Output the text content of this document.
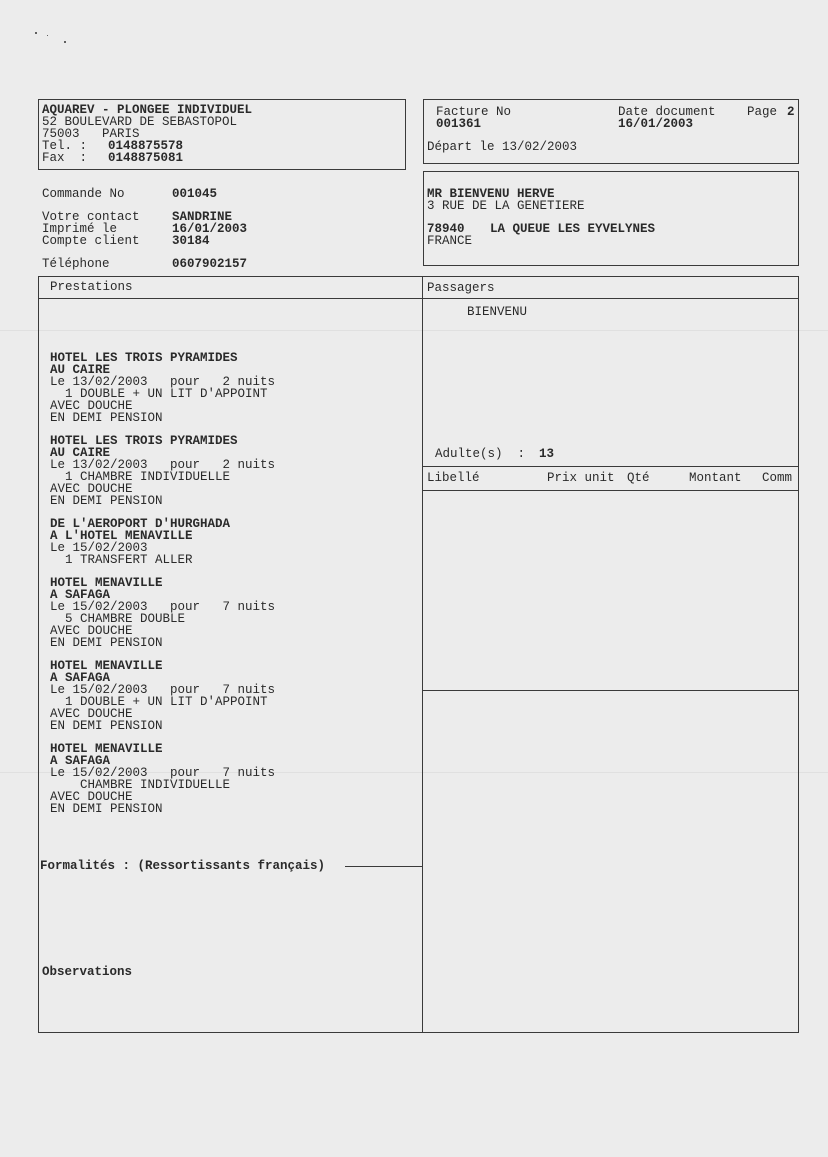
AQUAREV - PLONGEE INDIVIDUEL
52 BOULEVARD DE SEBASTOPOL
75003   PARIS
Tel. : 0148875578
Fax  : 0148875081
Facture No
001361
Date document
16/01/2003
Page 2
Départ le 13/02/2003
Commande No	001045
Votre contact	SANDRINE
Imprimé le	16/01/2003
Compte client	30184
Téléphone	0607902157
MR BIENVENU HERVE
3 RUE DE LA GENETIERE
78940 LA QUEUE LES EYVELYNES
FRANCE
Prestations	Passagers
BIENVENU
Adulte(s)  : 13
Libellé	Prix unit Qté	Montant Comm
HOTEL LES TROIS PYRAMIDES
AU CAIRE
Le 13/02/2003   pour   2 nuits
1 DOUBLE + UN LIT D'APPOINT
AVEC DOUCHE
EN DEMI PENSION
HOTEL LES TROIS PYRAMIDES
AU CAIRE
Le 13/02/2003   pour   2 nuits
1 CHAMBRE INDIVIDUELLE
AVEC DOUCHE
EN DEMI PENSION
DE L'AEROPORT D'HURGHADA
A L'HOTEL MENAVILLE
Le 15/02/2003
1 TRANSFERT ALLER
HOTEL MENAVILLE
A SAFAGA
Le 15/02/2003   pour   7 nuits
5 CHAMBRE DOUBLE
AVEC DOUCHE
EN DEMI PENSION
HOTEL MENAVILLE
A SAFAGA
Le 15/02/2003   pour   7 nuits
1 DOUBLE + UN LIT D'APPOINT
AVEC DOUCHE
EN DEMI PENSION
HOTEL MENAVILLE
A SAFAGA
Le 15/02/2003   pour   7 nuits
CHAMBRE INDIVIDUELLE
AVEC DOUCHE
EN DEMI PENSION
Formalités : (Ressortissants français)
Observations
